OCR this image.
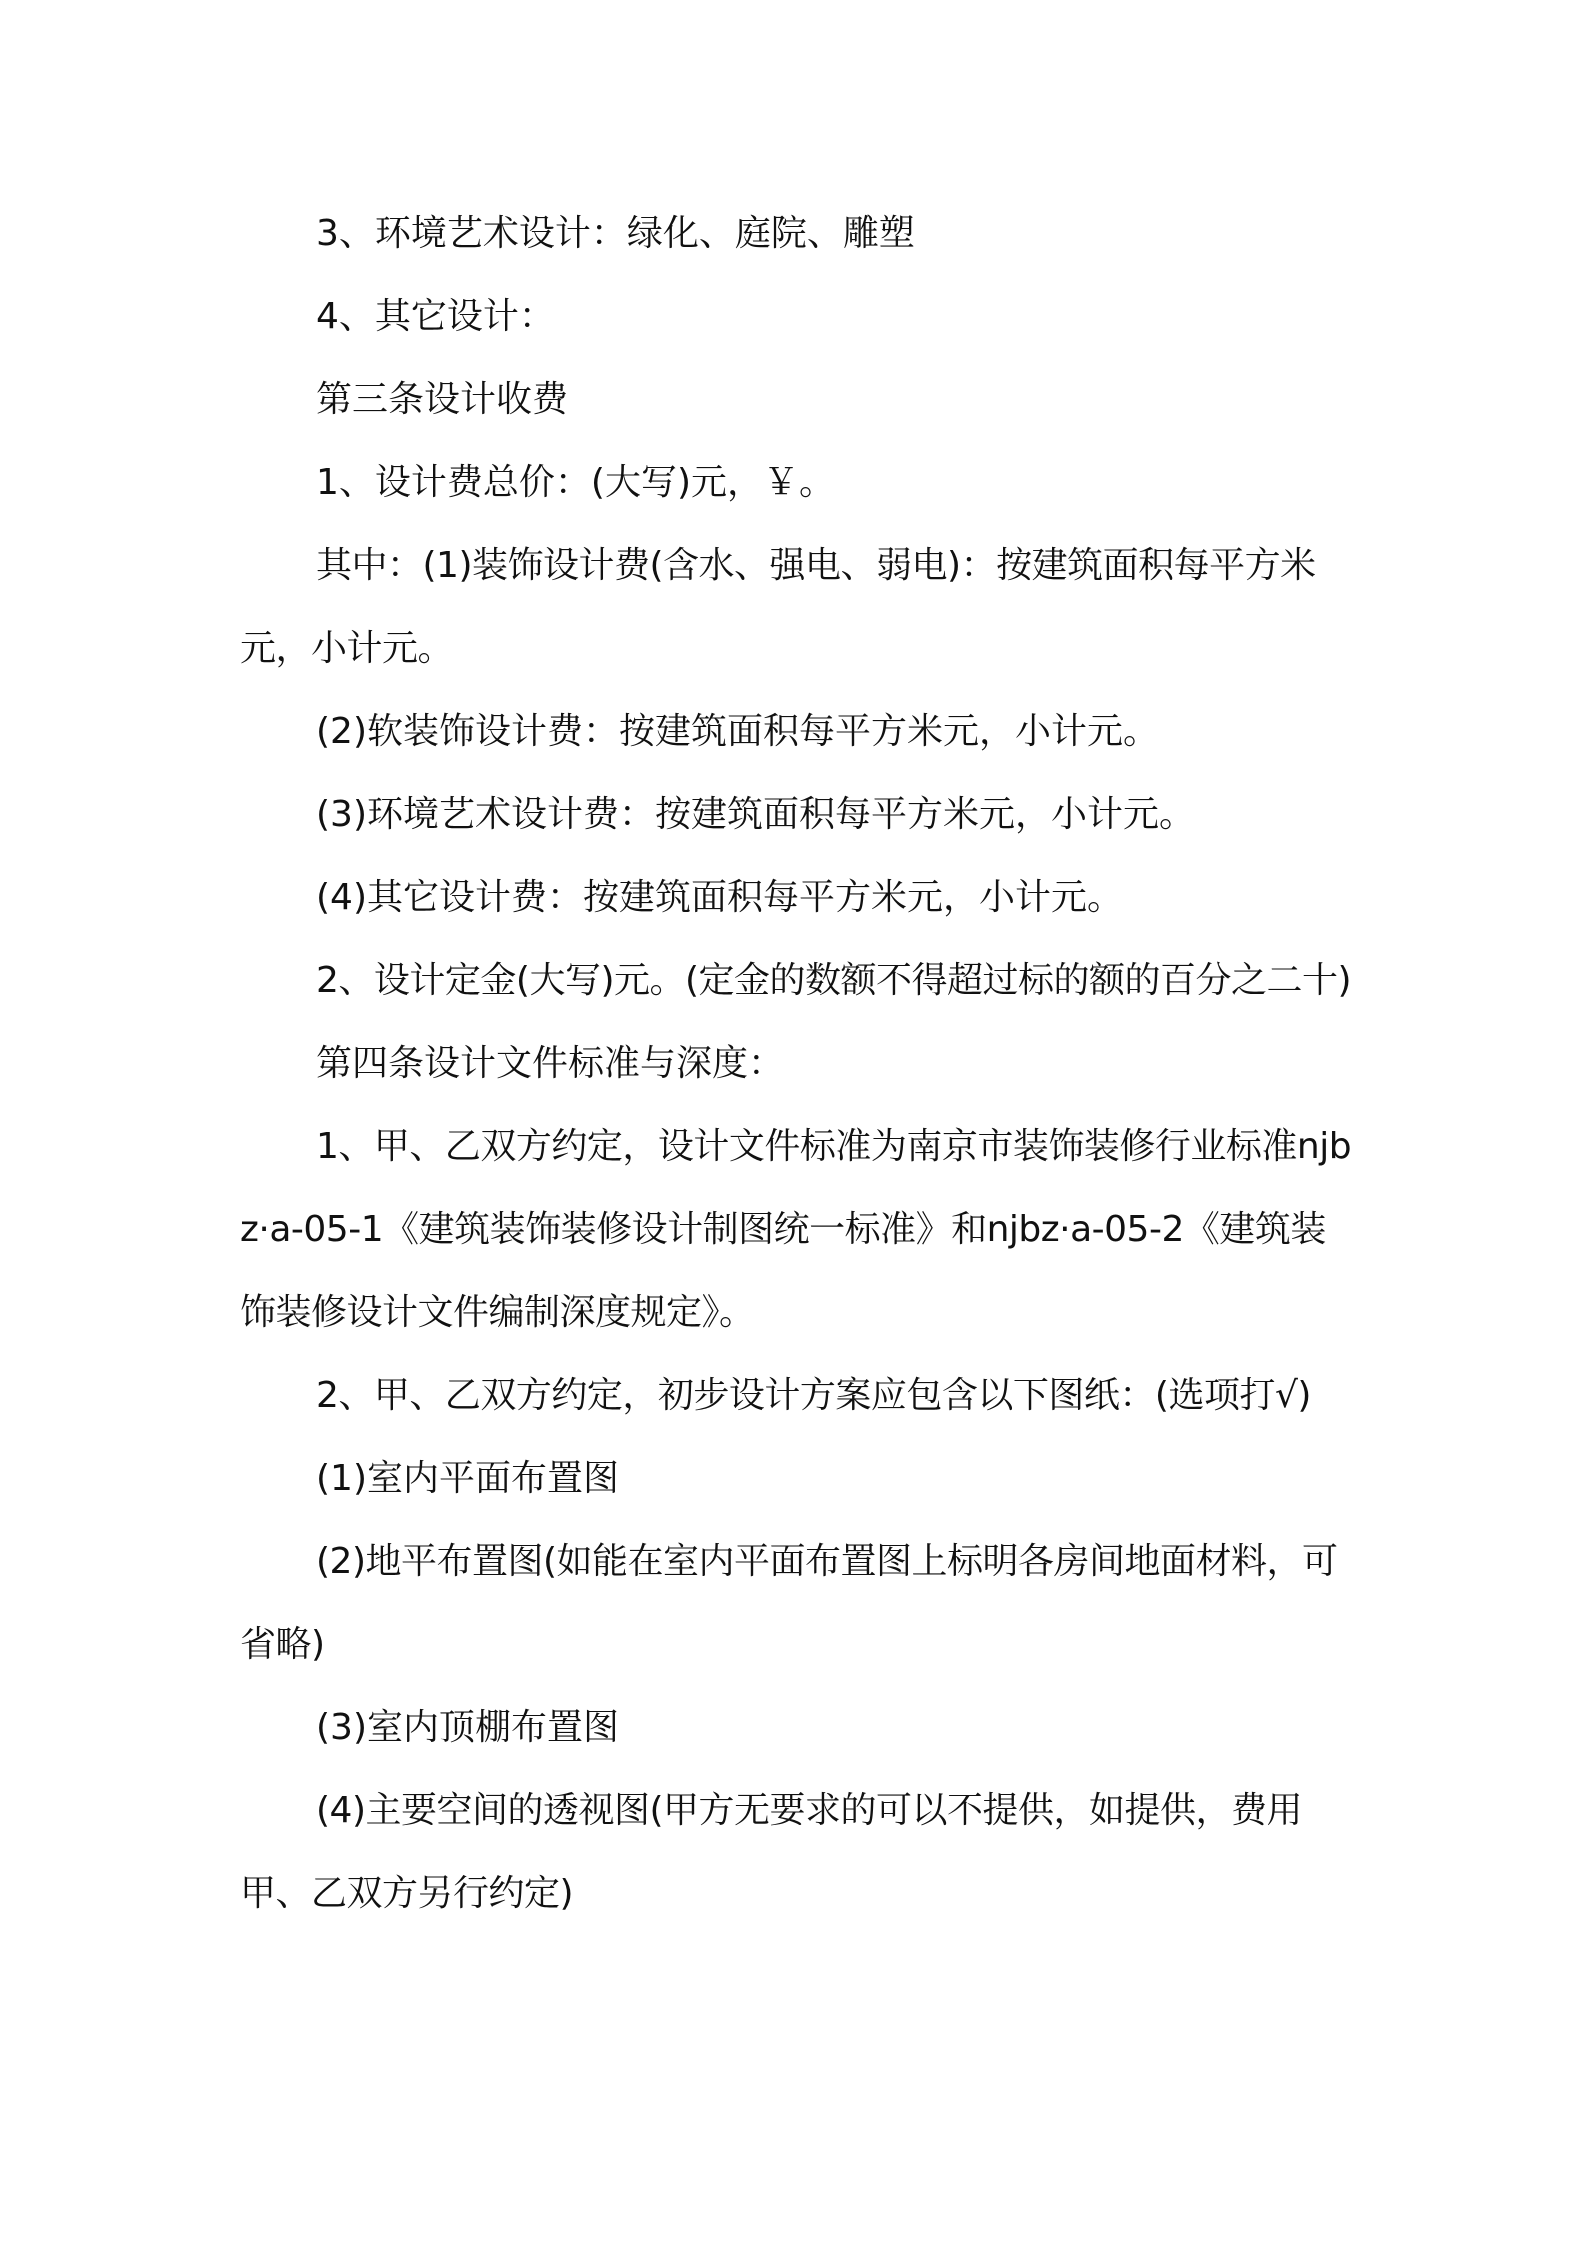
3、环境艺术设计：绿化、庭院、雕塑

4、其它设计：

第三条设计收费

1、设计费总价：(大写)元，￥。

其中：(1)装饰设计费(含水、强电、弱电)：按建筑面积每平方米元，小计元。

(2)软装饰设计费：按建筑面积每平方米元，小计元。

(3)环境艺术设计费：按建筑面积每平方米元，小计元。

(4)其它设计费：按建筑面积每平方米元，小计元。

2、设计定金(大写)元。(定金的数额不得超过标的额的百分之二十)

第四条设计文件标准与深度：

1、甲、乙双方约定，设计文件标准为南京市装饰装修行业标准njbz·a-05-1《建筑装饰装修设计制图统一标准》和njbz·a-05-2《建筑装饰装修设计文件编制深度规定》。

2、甲、乙双方约定，初步设计方案应包含以下图纸：(选项打√)

(1)室内平面布置图

(2)地平布置图(如能在室内平面布置图上标明各房间地面材料，可省略)

(3)室内顶棚布置图

(4)主要空间的透视图(甲方无要求的可以不提供，如提供，费用甲、乙双方另行约定)
